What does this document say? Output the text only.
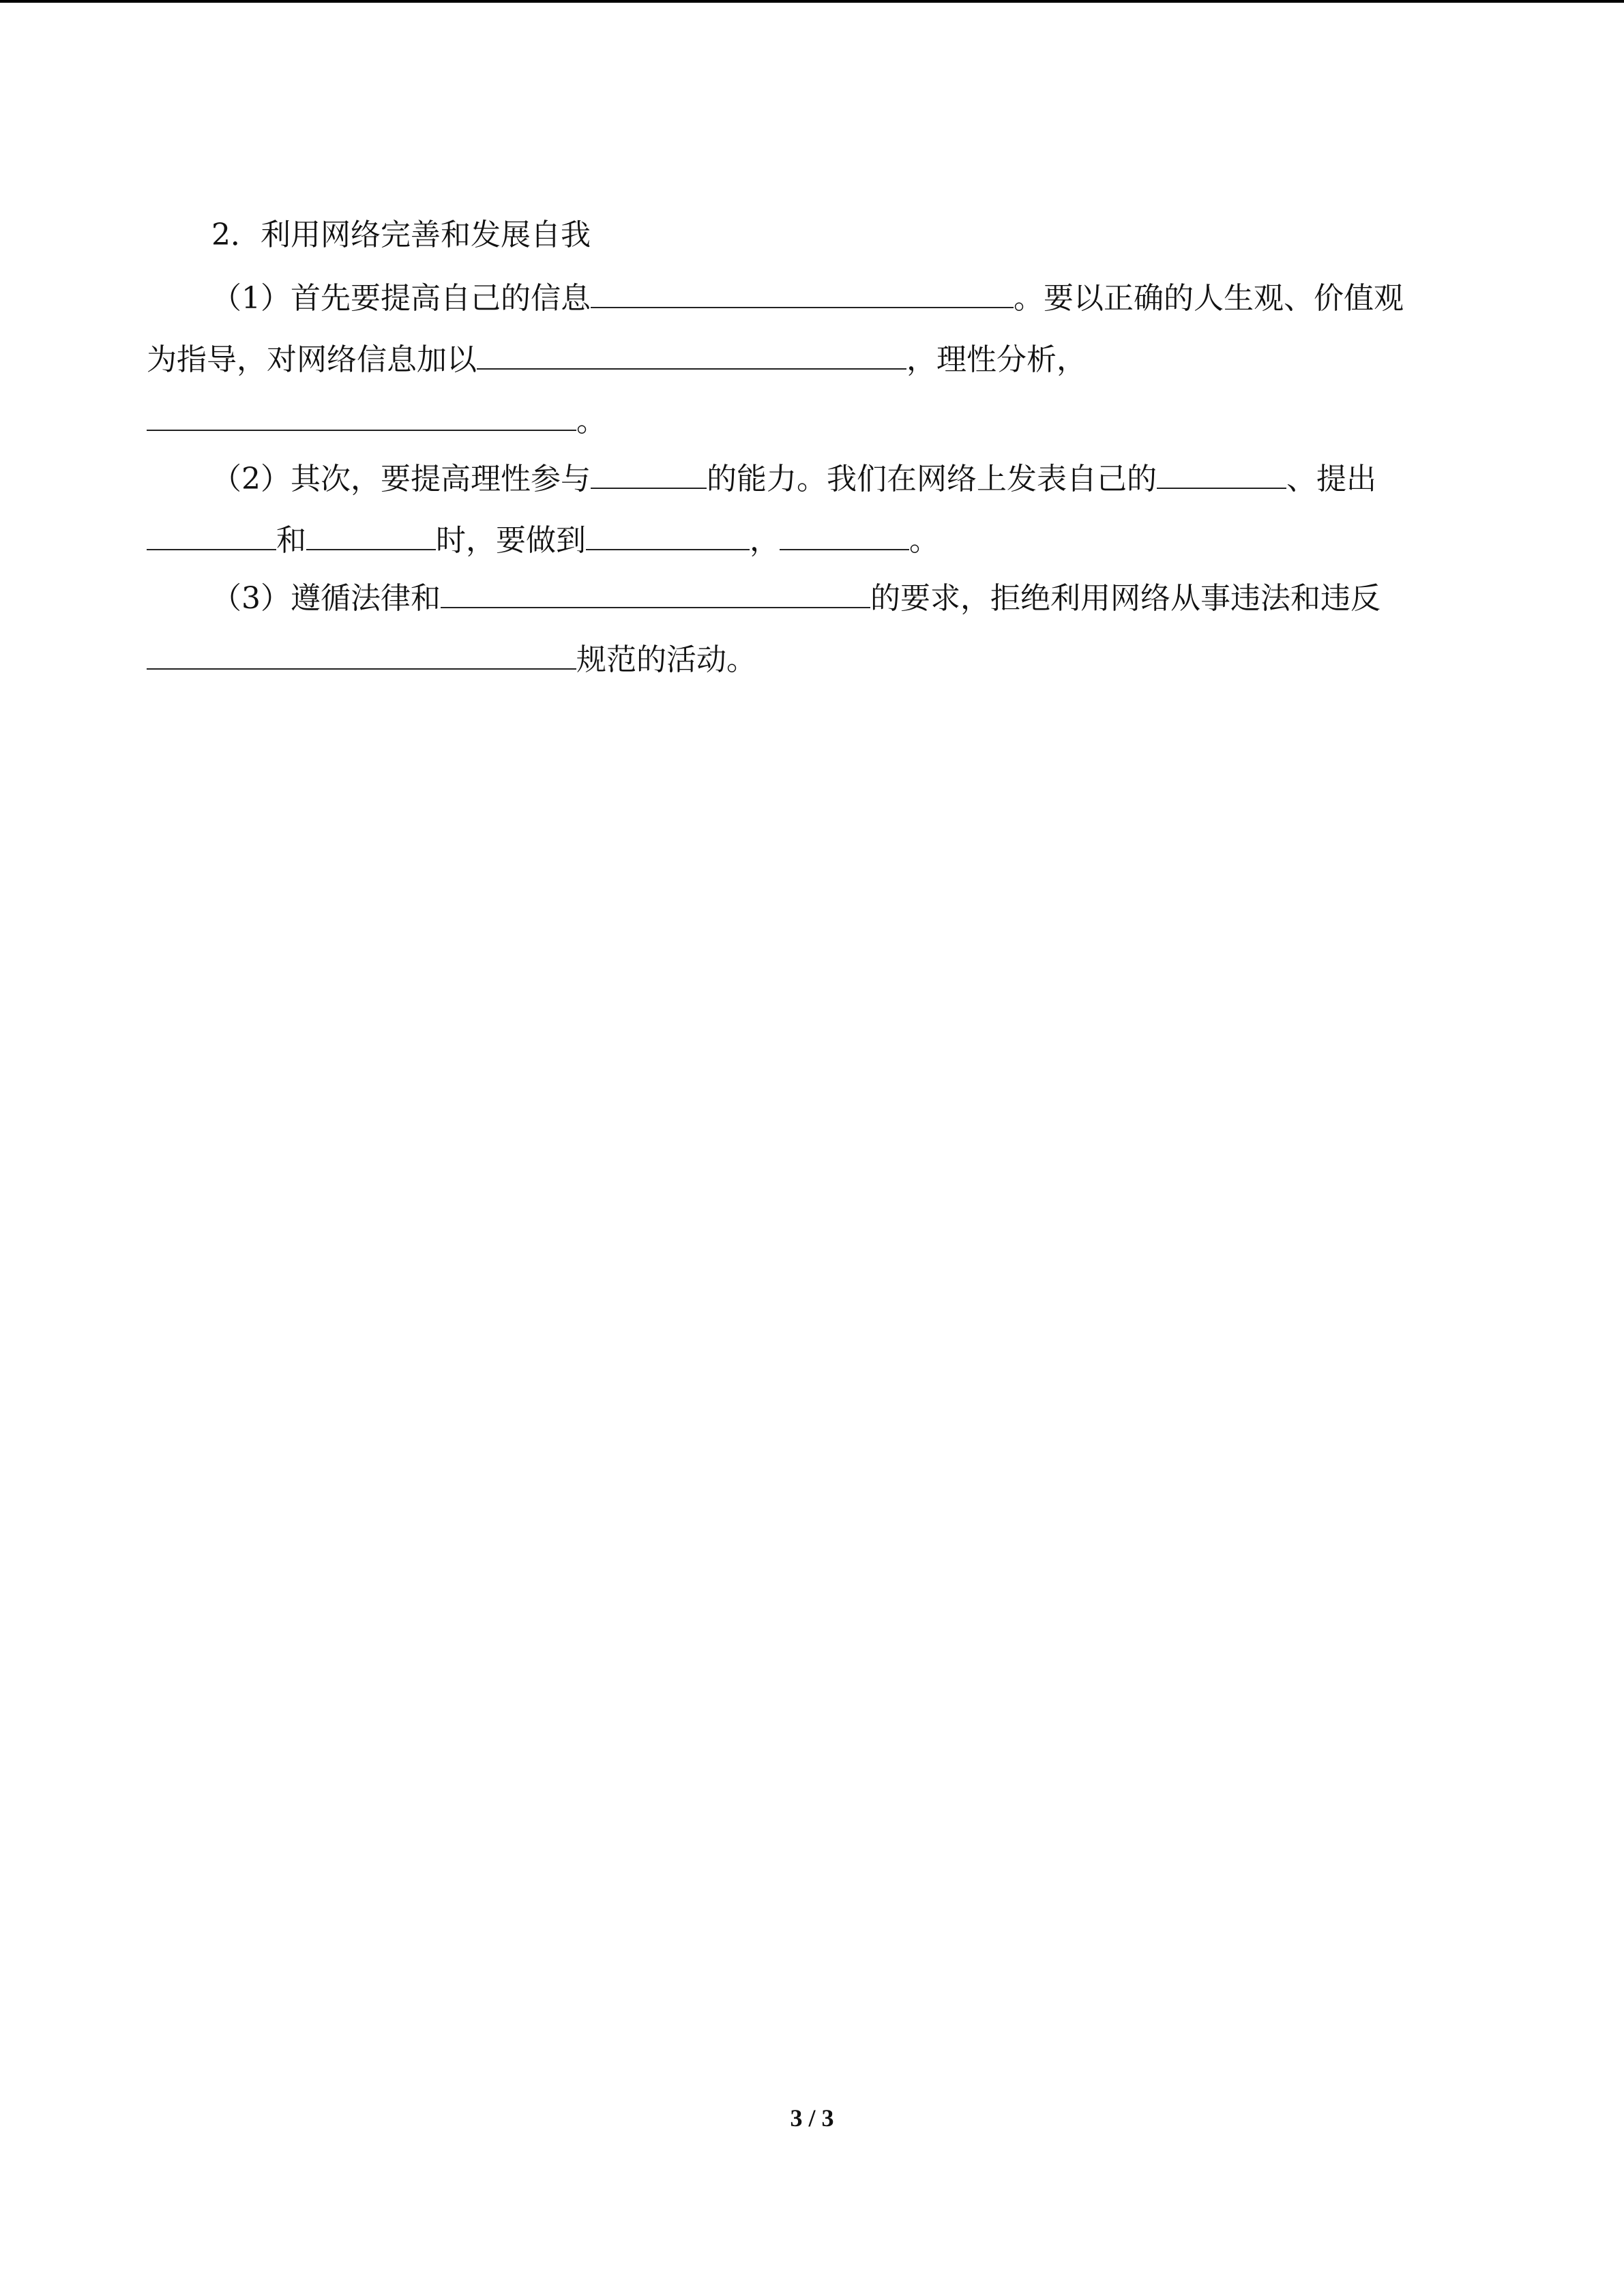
2．利用网络完善和发展自我
（1）首先要提高自己的信息	。要以正确的人生观、价值观
为指导，对网络信息加以	，理性分析，
。
（2）其次，要提高理性参与	的能力。我们在网络上发表自己的	、提出
和	时，要做到	，	。
（3）遵循法律和	的要求，拒绝利用网络从事违法和违反
规范的活动。
3 / 3
